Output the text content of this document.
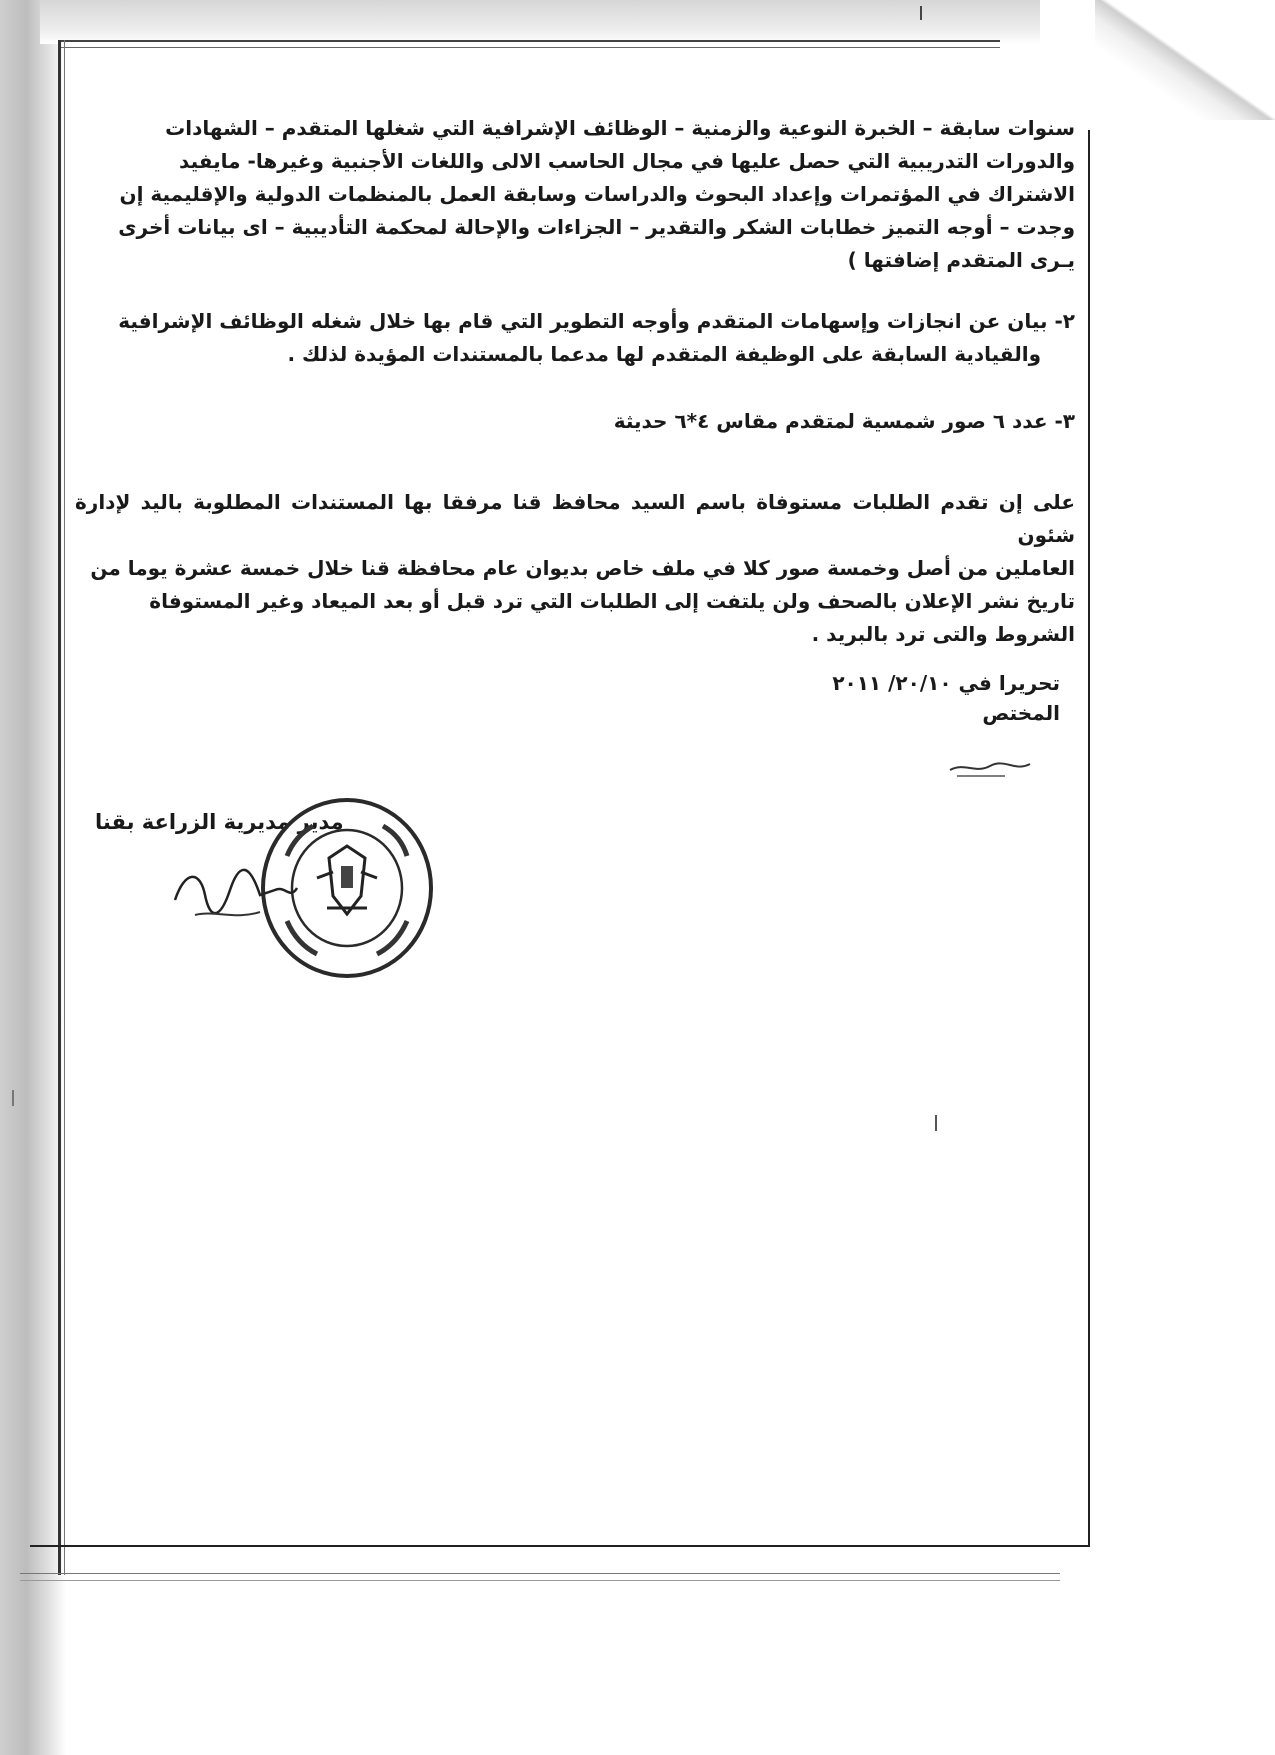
سنوات سابقة – الخبرة النوعية والزمنية – الوظائف الإشرافية التي شغلها المتقدم – الشهادات

والدورات التدريبية التي حصل عليها في مجال الحاسب الالى واللغات الأجنبية وغيرها- مايفيد

الاشتراك في المؤتمرات وإعداد البحوث والدراسات وسابقة العمل بالمنظمات الدولية والإقليمية إن

وجدت – أوجه التميز خطابات الشكر والتقدير – الجزاءات والإحالة لمحكمة التأديبية – اى بيانات أخرى

يـرى المتقدم إضافتها )

٢- بيان عن انجازات وإسهامات المتقدم وأوجه التطوير التي قام بها خلال شغله الوظائف الإشرافية

والقيادية السابقة على الوظيفة المتقدم لها مدعما بالمستندات المؤيدة لذلك .

٣- عدد ٦ صور شمسية لمتقدم مقاس ٤*٦ حديثة

على إن تقدم الطلبات مستوفاة باسم السيد محافظ قنا مرفقا بها المستندات المطلوبة باليد لإدارة شئون

العاملين من أصل وخمسة صور كلا في ملف خاص بديوان عام محافظة قنا خلال خمسة عشرة يوما من

تاريخ نشر الإعلان بالصحف ولن يلتفت إلى الطلبات التي ترد قبل أو بعد الميعاد وغير المستوفاة

الشروط والتى ترد بالبريد .

تحريرا في ٢٠/١٠/ ٢٠١١
المختص
مدير مديرية الزراعة بقنا
